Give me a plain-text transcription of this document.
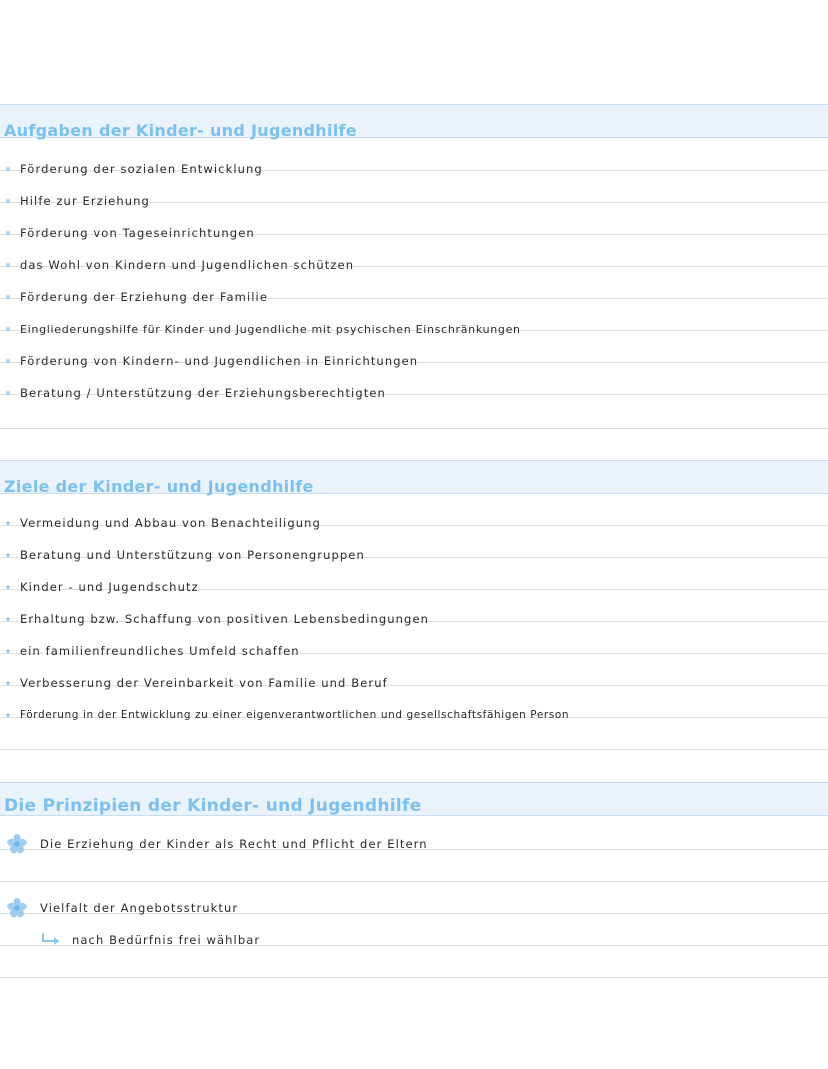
Aufgaben der Kinder- und Jugendhilfe
Förderung der sozialen Entwicklung
Hilfe zur Erziehung
Förderung von Tageseinrichtungen
das Wohl von Kindern und Jugendlichen schützen
Förderung der Erziehung der Familie
Eingliederungshilfe für Kinder und Jugendliche mit psychischen Einschränkungen
Förderung von Kindern- und Jugendlichen in Einrichtungen
Beratung / Unterstützung der Erziehungsberechtigten
Ziele der Kinder- und Jugendhilfe
Vermeidung und Abbau von Benachteiligung
Beratung und Unterstützung von Personengruppen
Kinder - und Jugendschutz
Erhaltung bzw. Schaffung von positiven Lebensbedingungen
ein familienfreundliches Umfeld schaffen
Verbesserung der Vereinbarkeit von Familie und Beruf
Förderung in der Entwicklung zu einer eigenverantwortlichen und gesellschaftsfähigen Person
Die Prinzipien der Kinder- und Jugendhilfe
Die Erziehung der Kinder als Recht und Pflicht der Eltern
Vielfalt der Angebotsstruktur
nach Bedürfnis frei wählbar
